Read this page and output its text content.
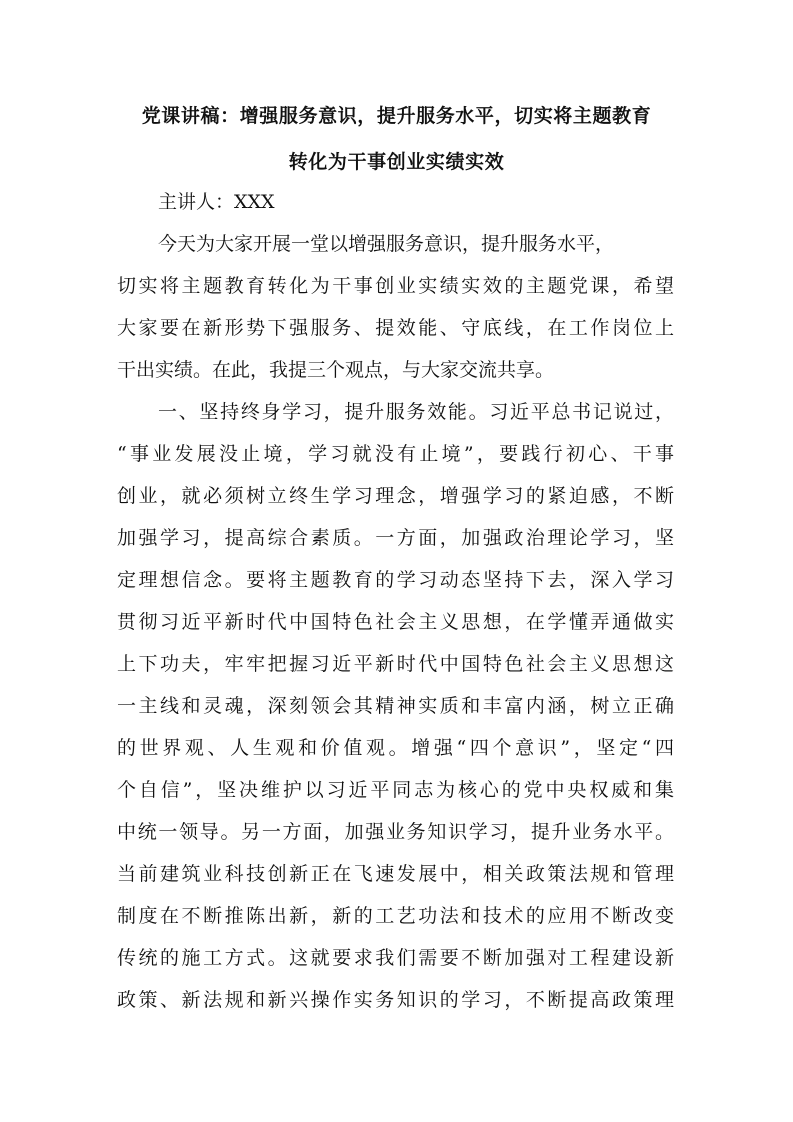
党课讲稿：增强服务意识，提升服务水平，切实将主题教育
转化为干事创业实绩实效

主讲人：XXX

今天为大家开展一堂以增强服务意识，提升服务水平，

切实将主题教育转化为干事创业实绩实效的主题党课，希望

大家要在新形势下强服务、提效能、守底线，在工作岗位上

干出实绩。在此，我提三个观点，与大家交流共享。

一、坚持终身学习，提升服务效能。习近平总书记说过，

“事业发展没止境，学习就没有止境”，要践行初心、干事

创业，就必须树立终生学习理念，增强学习的紧迫感，不断

加强学习，提高综合素质。一方面，加强政治理论学习，坚

定理想信念。要将主题教育的学习动态坚持下去，深入学习

贯彻习近平新时代中国特色社会主义思想，在学懂弄通做实

上下功夫，牢牢把握习近平新时代中国特色社会主义思想这

一主线和灵魂，深刻领会其精神实质和丰富内涵，树立正确

的世界观、人生观和价值观。增强“四个意识”，坚定“四

个自信”，坚决维护以习近平同志为核心的党中央权威和集

中统一领导。另一方面，加强业务知识学习，提升业务水平。

当前建筑业科技创新正在飞速发展中，相关政策法规和管理

制度在不断推陈出新，新的工艺功法和技术的应用不断改变

传统的施工方式。这就要求我们需要不断加强对工程建设新

政策、新法规和新兴操作实务知识的学习，不断提高政策理
